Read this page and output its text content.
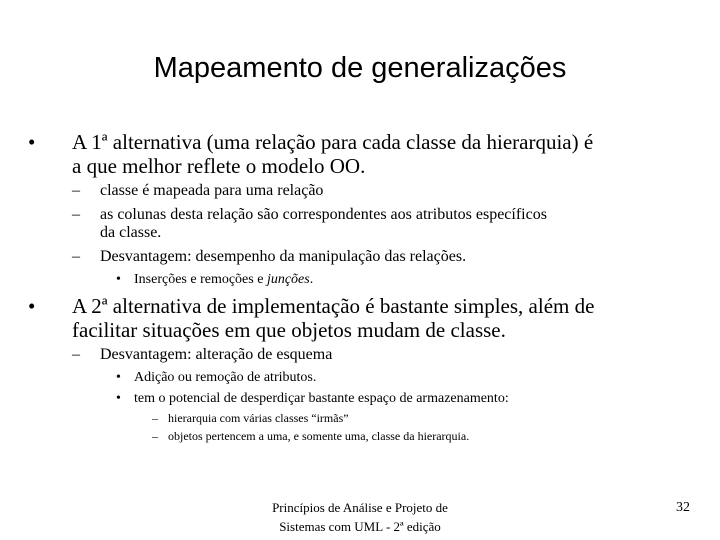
Mapeamento de generalizações
• A 1ª alternativa (uma relação para cada classe da hierarquia) é
a que melhor reflete o modelo OO.
– classe é mapeada para uma relação
– as colunas desta relação são correspondentes aos atributos específicos
da classe.
– Desvantagem: desempenho da manipulação das relações.
• Inserções e remoções e junções.
• A 2ª alternativa de implementação é bastante simples, além de
facilitar situações em que objetos mudam de classe.
– Desvantagem: alteração de esquema
• Adição ou remoção de atributos.
• tem o potencial de desperdiçar bastante espaço de armazenamento:
– hierarquia com várias classes “irmãs”
– objetos pertencem a uma, e somente uma, classe da hierarquia.
Princípios de Análise e Projeto de
Sistemas com UML - 2ª edição
32
